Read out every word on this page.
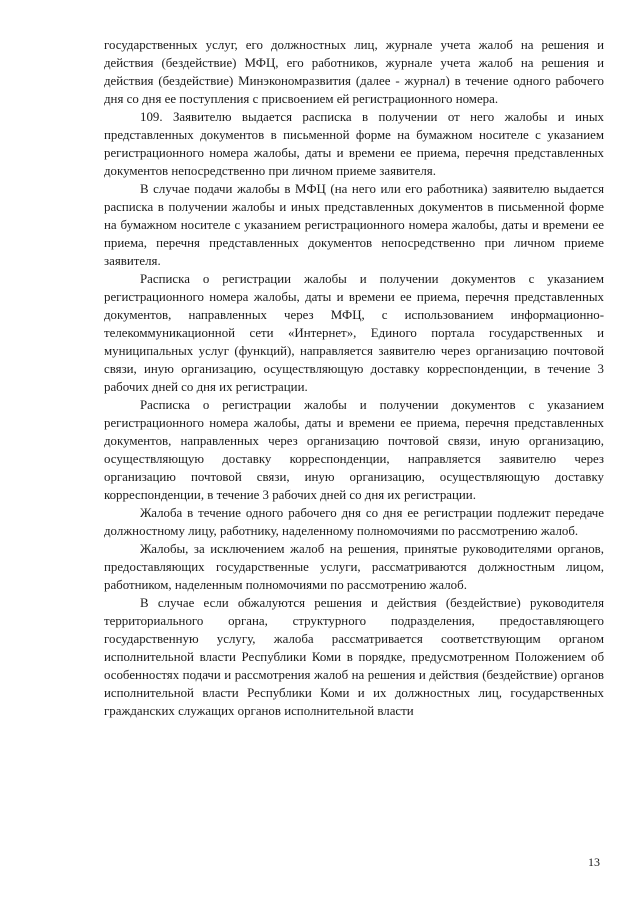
государственных услуг, его должностных лиц, журнале учета жалоб на решения и действия (бездействие) МФЦ, его работников, журнале учета жалоб на решения и действия (бездействие) Минэкономразвития (далее - журнал) в течение одного рабочего дня со дня ее поступления с присвоением ей регистрационного номера.

109. Заявителю выдается расписка в получении от него жалобы и иных представленных документов в письменной форме на бумажном носителе с указанием регистрационного номера жалобы, даты и времени ее приема, перечня представленных документов непосредственно при личном приеме заявителя.

В случае подачи жалобы в МФЦ (на него или его работника) заявителю выдается расписка в получении жалобы и иных представленных документов в письменной форме на бумажном носителе с указанием регистрационного номера жалобы, даты и времени ее приема, перечня представленных документов непосредственно при личном приеме заявителя.

Расписка о регистрации жалобы и получении документов с указанием регистрационного номера жалобы, даты и времени ее приема, перечня представленных документов, направленных через МФЦ, с использованием информационно-телекоммуникационной сети «Интернет», Единого портала государственных и муниципальных услуг (функций), направляется заявителю через организацию почтовой связи, иную организацию, осуществляющую доставку корреспонденции, в течение 3 рабочих дней со дня их регистрации.

Расписка о регистрации жалобы и получении документов с указанием регистрационного номера жалобы, даты и времени ее приема, перечня представленных документов, направленных через организацию почтовой связи, иную организацию, осуществляющую доставку корреспонденции, направляется заявителю через организацию почтовой связи, иную организацию, осуществляющую доставку корреспонденции, в течение 3 рабочих дней со дня их регистрации.

Жалоба в течение одного рабочего дня со дня ее регистрации подлежит передаче должностному лицу, работнику, наделенному полномочиями по рассмотрению жалоб.

Жалобы, за исключением жалоб на решения, принятые руководителями органов, предоставляющих государственные услуги, рассматриваются должностным лицом, работником, наделенным полномочиями по рассмотрению жалоб.

В случае если обжалуются решения и действия (бездействие) руководителя территориального органа, структурного подразделения, предоставляющего государственную услугу, жалоба рассматривается соответствующим органом исполнительной власти Республики Коми в порядке, предусмотренном Положением об особенностях подачи и рассмотрения жалоб на решения и действия (бездействие) органов исполнительной власти Республики Коми и их должностных лиц, государственных гражданских служащих органов исполнительной власти

13
